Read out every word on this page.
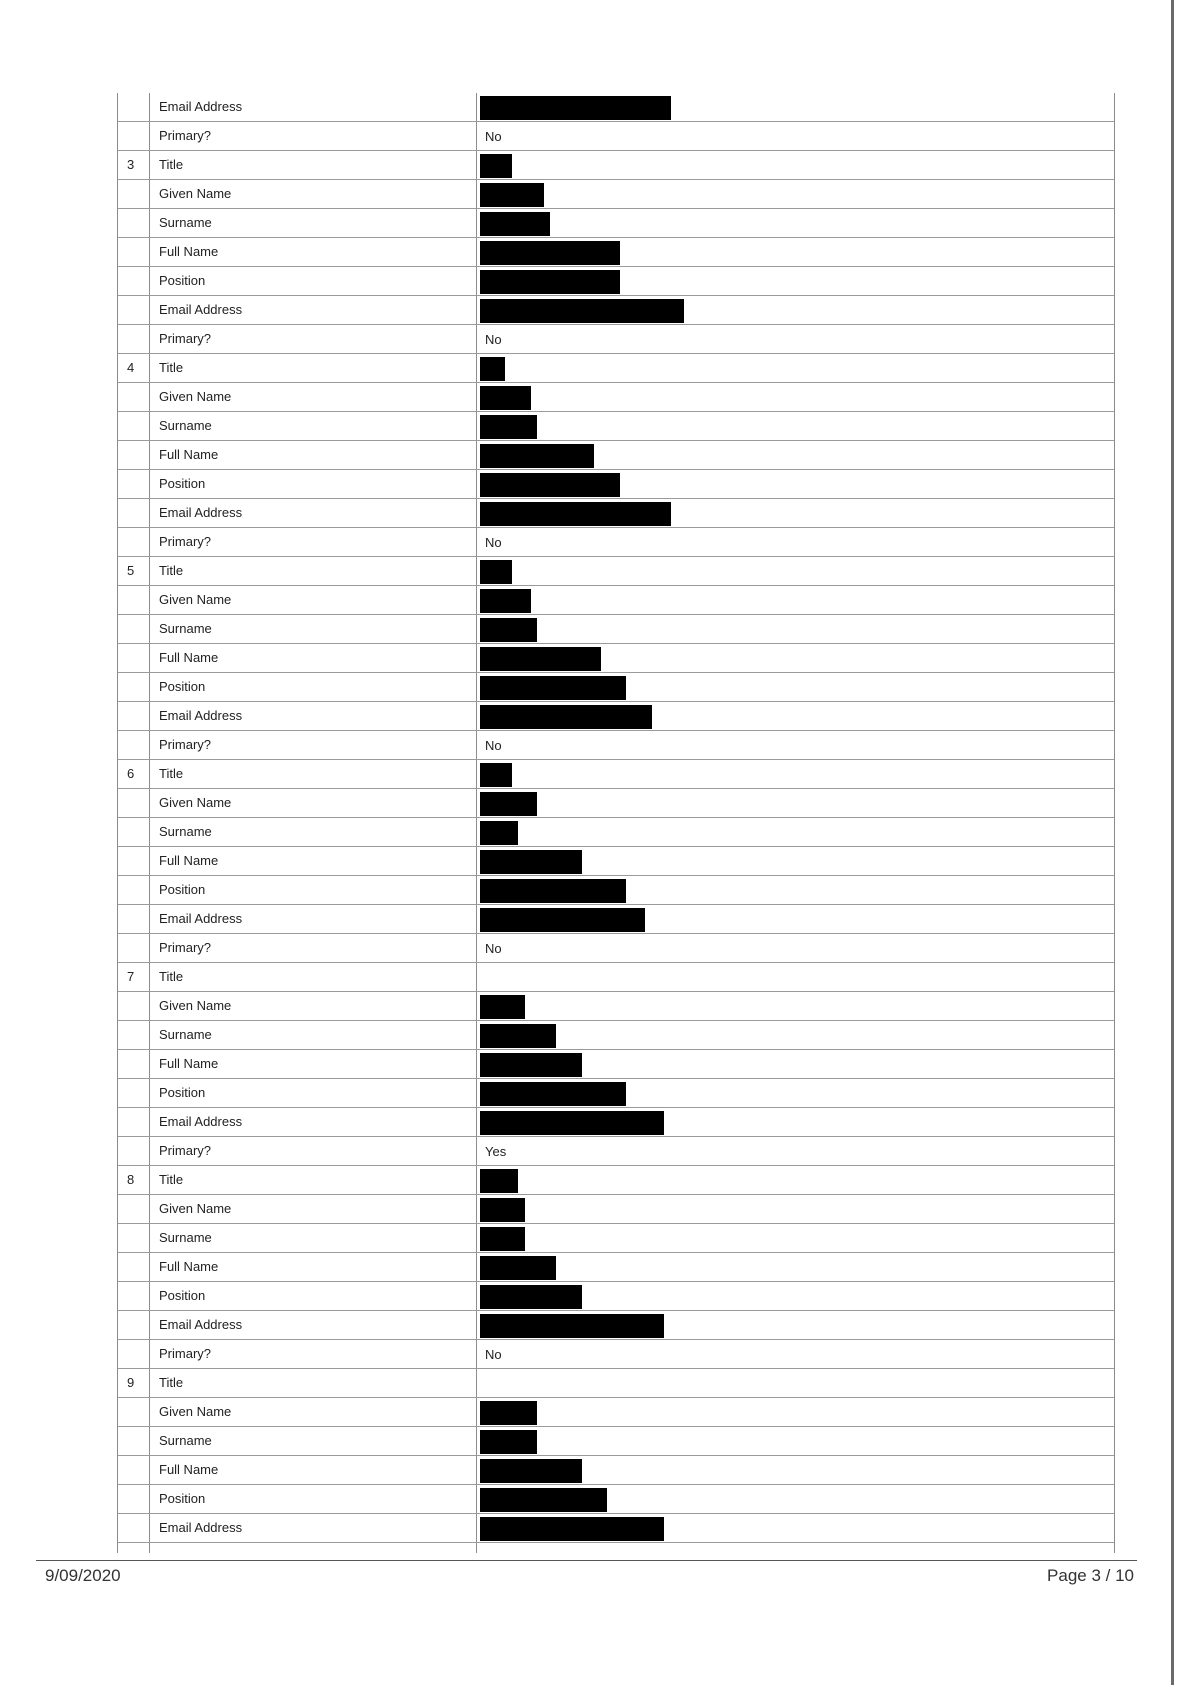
Email Address
Primary?	No
3	Title
Given Name
Surname
Full Name
Position
Email Address
Primary?	No
4	Title
Given Name
Surname
Full Name
Position
Email Address
Primary?	No
5	Title
Given Name
Surname
Full Name
Position
Email Address
Primary?	No
6	Title
Given Name
Surname
Full Name
Position
Email Address
Primary?	No
7	Title
Given Name
Surname
Full Name
Position
Email Address
Primary?	Yes
8	Title
Given Name
Surname
Full Name
Position
Email Address
Primary?	No
9	Title
Given Name
Surname
Full Name
Position
Email Address
9/09/2020	Page 3 / 10
